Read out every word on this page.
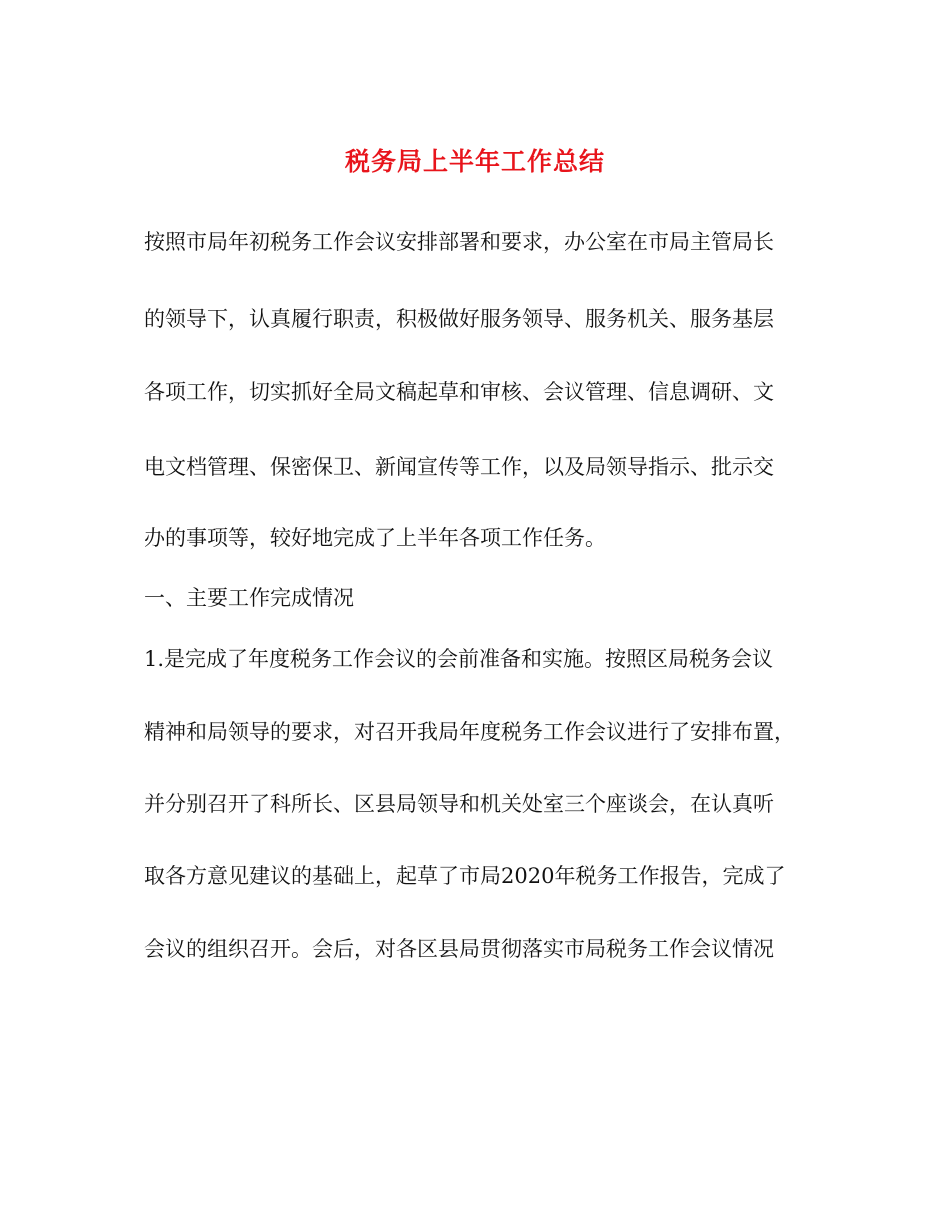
税务局上半年工作总结
按照市局年初税务工作会议安排部署和要求，办公室在市局主管局长
的领导下，认真履行职责，积极做好服务领导、服务机关、服务基层
各项工作，切实抓好全局文稿起草和审核、会议管理、信息调研、文
电文档管理、保密保卫、新闻宣传等工作，以及局领导指示、批示交
办的事项等，较好地完成了上半年各项工作任务。
一、主要工作完成情况
1.是完成了年度税务工作会议的会前准备和实施。按照区局税务会议
精神和局领导的要求，对召开我局年度税务工作会议进行了安排布置，
并分别召开了科所长、区县局领导和机关处室三个座谈会，在认真听
取各方意见建议的基础上，起草了市局2020年税务工作报告，完成了
会议的组织召开。会后，对各区县局贯彻落实市局税务工作会议情况
